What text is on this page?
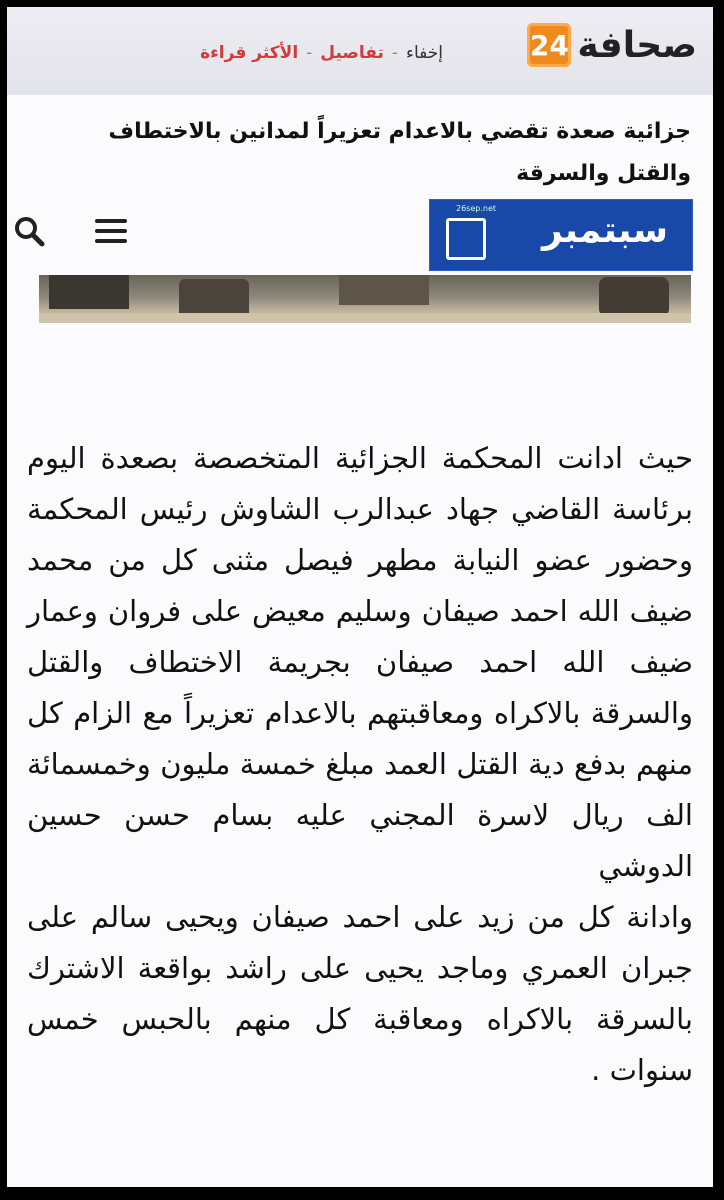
صحافة
24
إخفاء
-
تفاصيل
-
الأكثر قراءة
جزائية صعدة تقضي بالاعدام تعزيراً لمدانين بالاختطاف والقتل والسرقة
26sep.net
سبتمبر

حيث ادانت المحكمة الجزائية المتخصصة بصعدة اليوم برئاسة القاضي جهاد عبدالرب الشاوش رئيس المحكمة وحضور عضو النيابة مطهر فيصل مثنى كل من محمد ضيف الله احمد صيفان وسليم معيض على فروان وعمار ضيف الله احمد صيفان بجريمة الاختطاف والقتل والسرقة بالاكراه ومعاقبتهم بالاعدام تعزيراً مع الزام كل منهم بدفع دية القتل العمد مبلغ خمسة مليون وخمسمائة الف ريال لاسرة المجني عليه بسام حسن حسين الدوشي

وادانة كل من زيد على احمد صيفان ويحيى سالم على جبران العمري وماجد يحيى على راشد بواقعة الاشترك بالسرقة بالاكراه ومعاقبة كل منهم بالحبس خمس سنوات .
